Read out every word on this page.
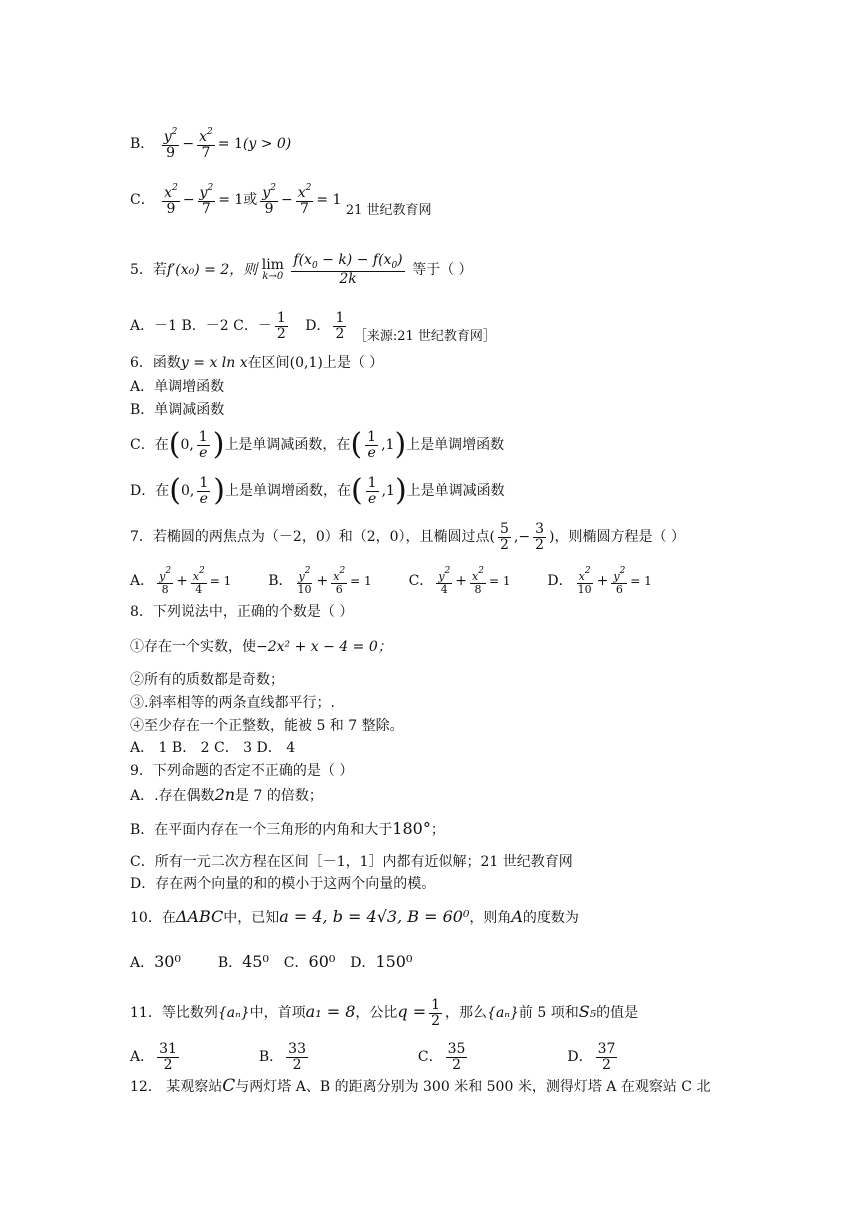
B． $\frac{y^2}{9} - \frac{x^2}{7} = 1(y > 0)$
C． $\frac{x^2}{9} - \frac{y^2}{7} = 1$或 $\frac{y^2}{9} - \frac{x^2}{7} = 1$ 21 世纪教育网
5．若f′(x₀) = 2，则 lim
k→0
$\frac{f(x_0 - k) - f(x_0)}{2k}$ 等于（ ）
A．－1 B．－2 C．－ $\frac{1}{2}$ D． $\frac{1}{2}$ ［来源:21 世纪教育网］
6．函数y = x ln x在区间(0,1)上是（ ）
A．单调增函数
B．单调减函数
C．在(0, $\frac{1}{e}$ )上是单调减函数，在( $\frac{1}{e} ,1$)上是单调增函数
D．在(0, $\frac{1}{e}$ )上是单调增函数，在( $\frac{1}{e} ,1$)上是单调减函数
7．若椭圆的两焦点为（－2，0）和（2，0），且椭圆过点( $\frac{5}{2}$ ,− $\frac{3}{2}$ )，则椭圆方程是（ ）
A． $\frac{y^2}{8} + \frac{x^2}{4} = 1$	B． $\frac{y^2}{10} + \frac{x^2}{6} = 1$	C． $\frac{y^2}{4} + \frac{x^2}{8} = 1$	D． $\frac{x^2}{10} + \frac{y^2}{6} = 1$
8．下列说法中，正确的个数是（ ）
①存在一个实数，使−2x² + x − 4 = 0；
②所有的质数都是奇数；
③.斜率相等的两条直线都平行；.
④至少存在一个正整数，能被 5 和 7 整除。
A． 1 B． 2 C． 3 D． 4
9．下列命题的否定不正确的是（ ）
A．.存在偶数2n是 7 的倍数；
B．在平面内存在一个三角形的内角和大于180°；
C．所有一元二次方程在区间［－1，1］内都有近似解；21 世纪教育网
D．存在两个向量的和的模小于这两个向量的模。
10．在ΔABC中，已知a = 4, b = 4√3, B = 60⁰，则角A的度数为
A．30⁰	B．45⁰ C．60⁰ D．150⁰
11．等比数列{aₙ}中，首项a₁ = 8，公比$q = \frac{1}{2}$ ，那么{aₙ}前 5 项和S₅的值是
A． $\frac{31}{2}$	B． $\frac{33}{2}$	C． $\frac{35}{2}$	D． $\frac{37}{2}$
12． 某观察站C与两灯塔 A、B 的距离分别为 300 米和 500 米，测得灯塔 A 在观察站 C 北
